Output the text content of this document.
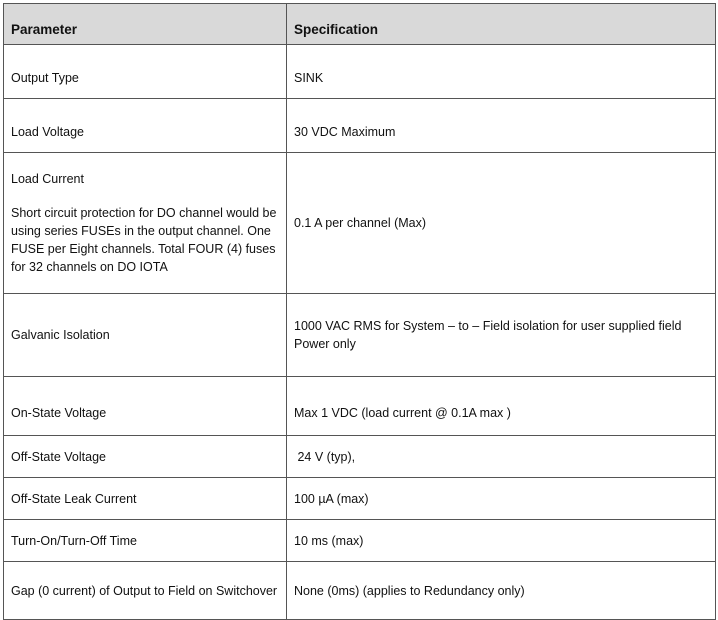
Parameter	Specification
Output Type	SINK
Load Voltage	30 VDC Maximum

Load Current
Short circuit protection for DO channel would be using series FUSEs in the output channel. One FUSE per Eight channels. Total FOUR (4) fuses for 32 channels on DO IOTA	0.1 A per channel (Max)
Galvanic Isolation	1000 VAC RMS for System – to – Field isolation for user supplied field Power only
On-State Voltage	Max 1 VDC (load current @ 0.1A max )
Off-State Voltage	24 V (typ),
Off-State Leak Current	100 µA (max)
Turn-On/Turn-Off Time	10 ms (max)
Gap (0 current) of Output to Field on Switchover	None (0ms) (applies to Redundancy only)
